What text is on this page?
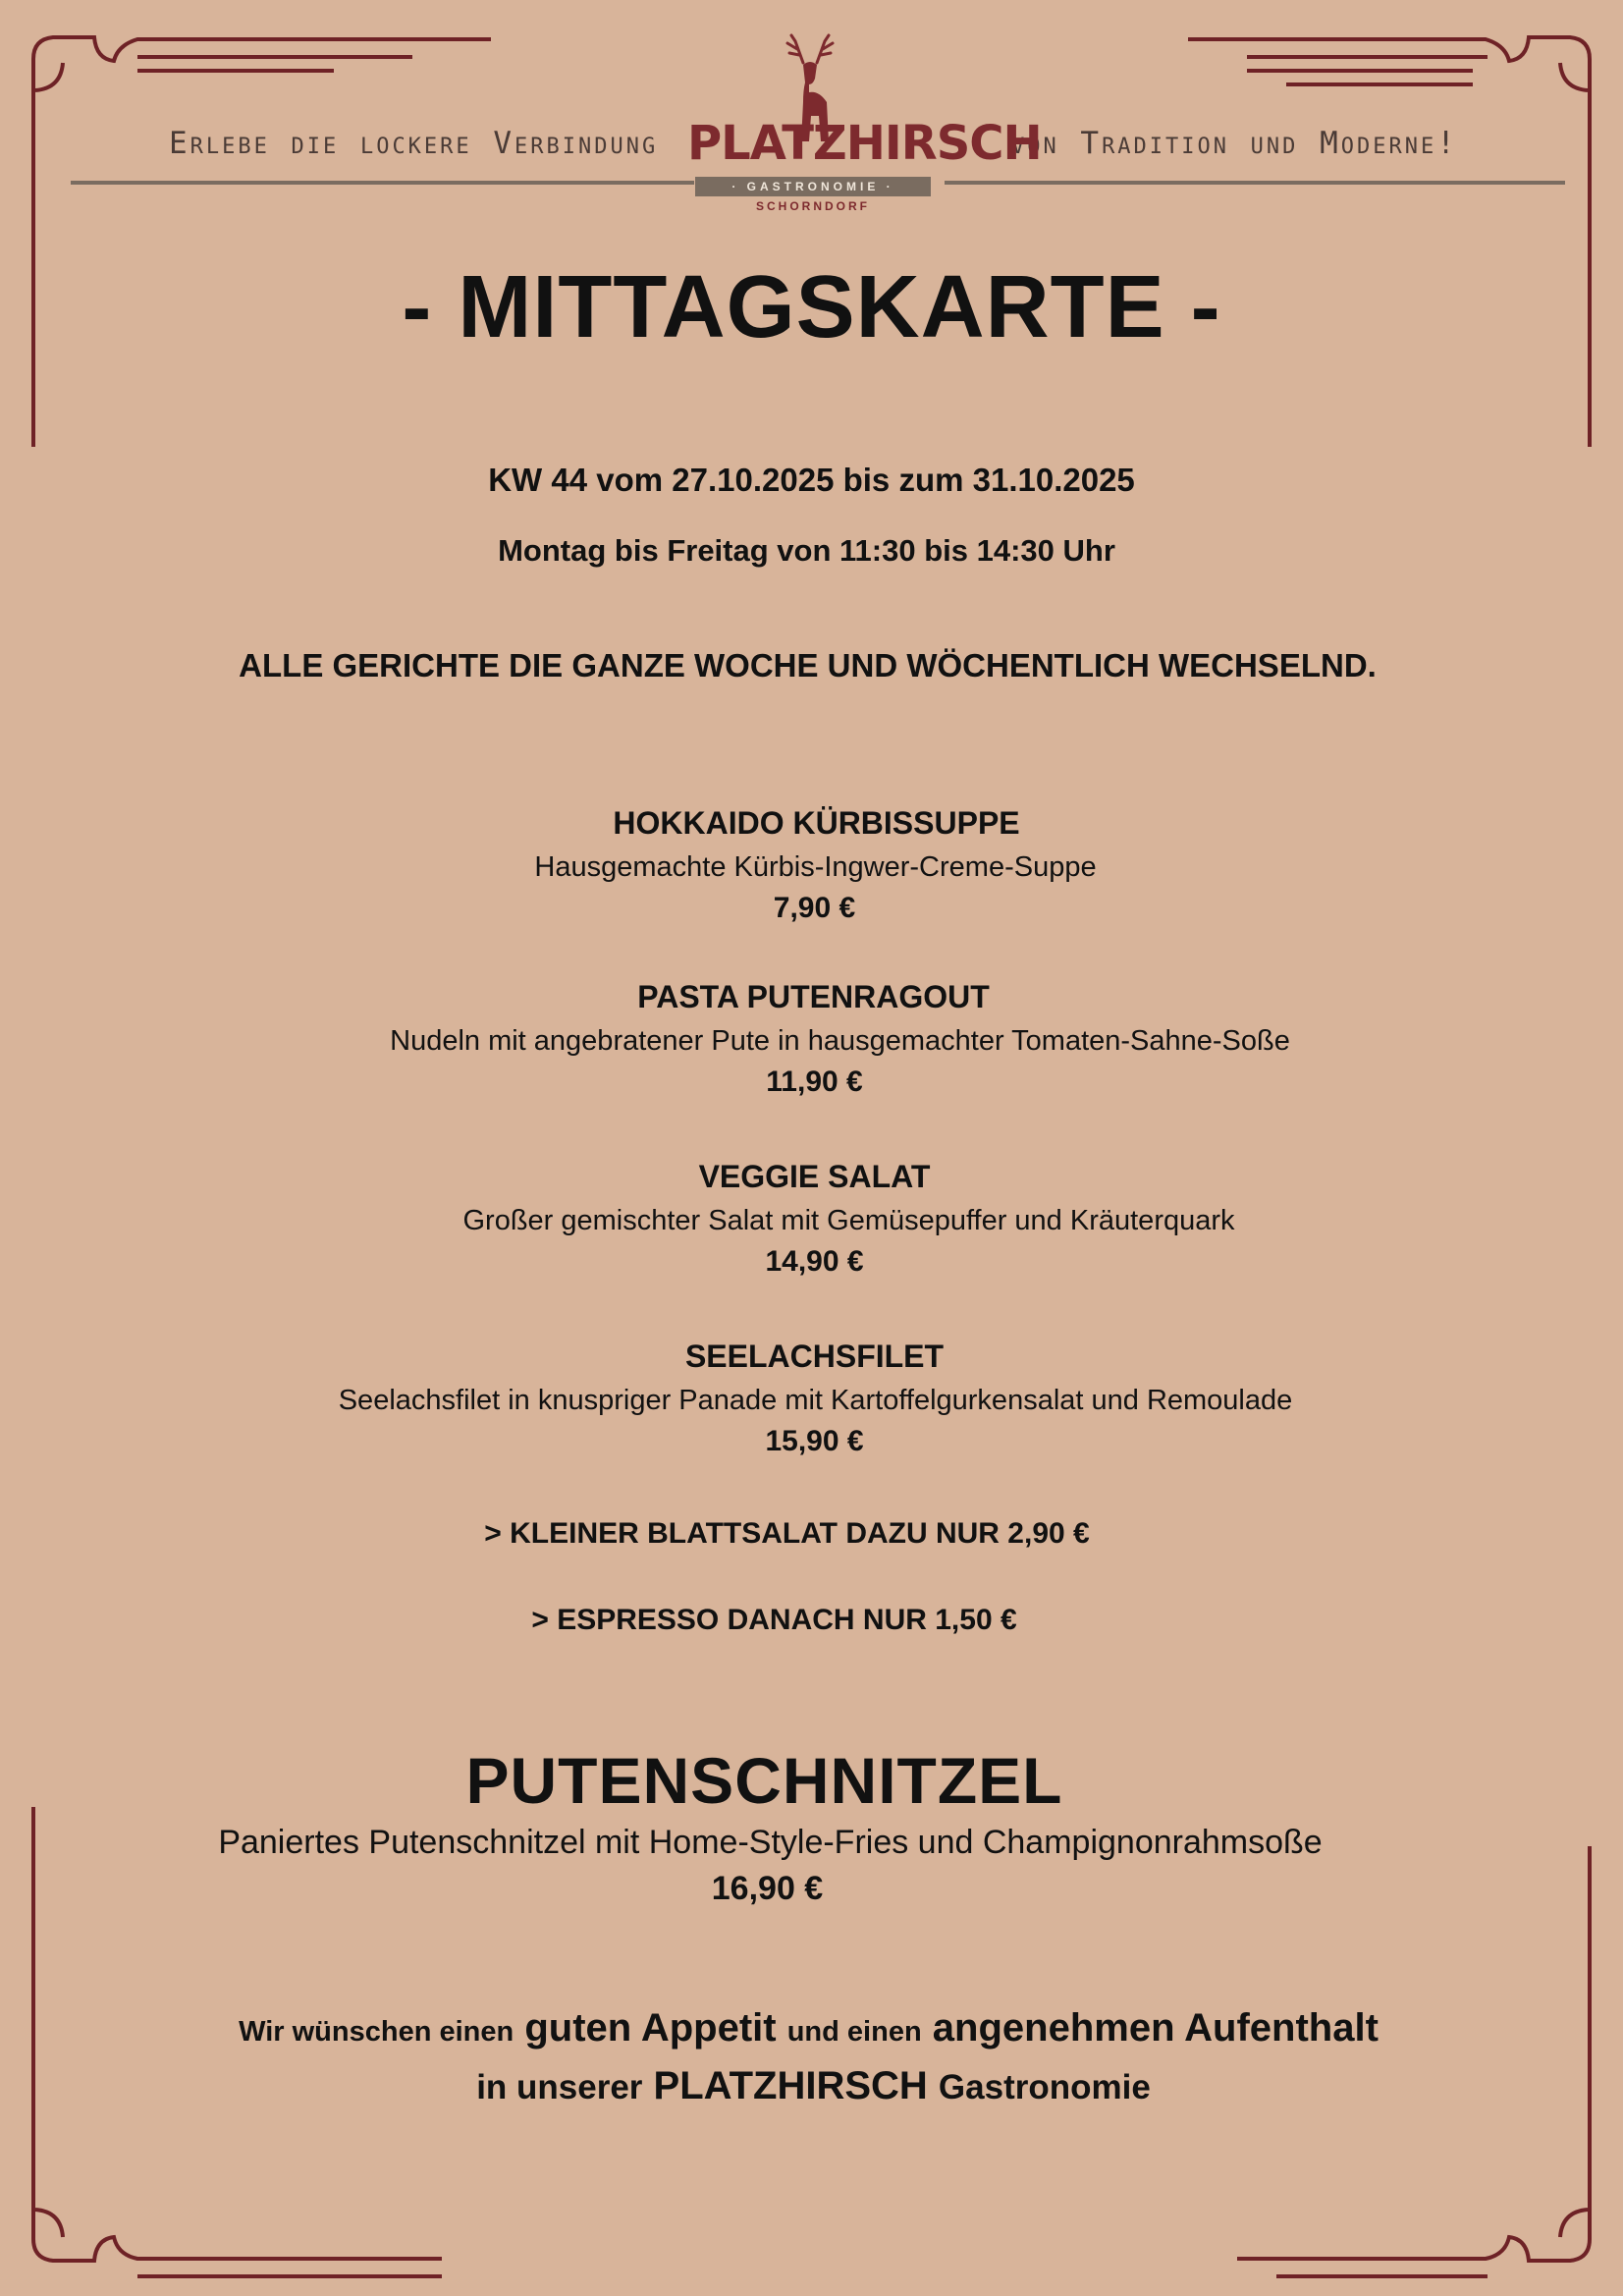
Erlebe die lockere Verbindung	von Tradition und Moderne!
PLATZHIRSCH
· GASTRONOMIE ·
SCHORNDORF
- MITTAGSKARTE -
KW 44 vom 27.10.2025 bis zum 31.10.2025
Montag bis Freitag von 11:30 bis 14:30 Uhr
ALLE GERICHTE DIE GANZE WOCHE UND WÖCHENTLICH WECHSELND.
HOKKAIDO KÜRBISSUPPE
Hausgemachte Kürbis-Ingwer-Creme-Suppe
7,90 €
PASTA PUTENRAGOUT
Nudeln mit angebratener Pute in hausgemachter Tomaten-Sahne-Soße
11,90 €
VEGGIE SALAT
Großer gemischter Salat mit Gemüsepuffer und Kräuterquark
14,90 €
SEELACHSFILET
Seelachsfilet in knuspriger Panade mit Kartoffelgurkensalat und Remoulade
15,90 €
> KLEINER BLATTSALAT DAZU NUR 2,90 €
> ESPRESSO DANACH NUR 1,50 €
PUTENSCHNITZEL
Paniertes Putenschnitzel mit Home-Style-Fries und Champignonrahmsoße
16,90 €
Wir wünschen einen guten Appetit und einen angenehmen Aufenthalt
in unserer PLATZHIRSCH Gastronomie
